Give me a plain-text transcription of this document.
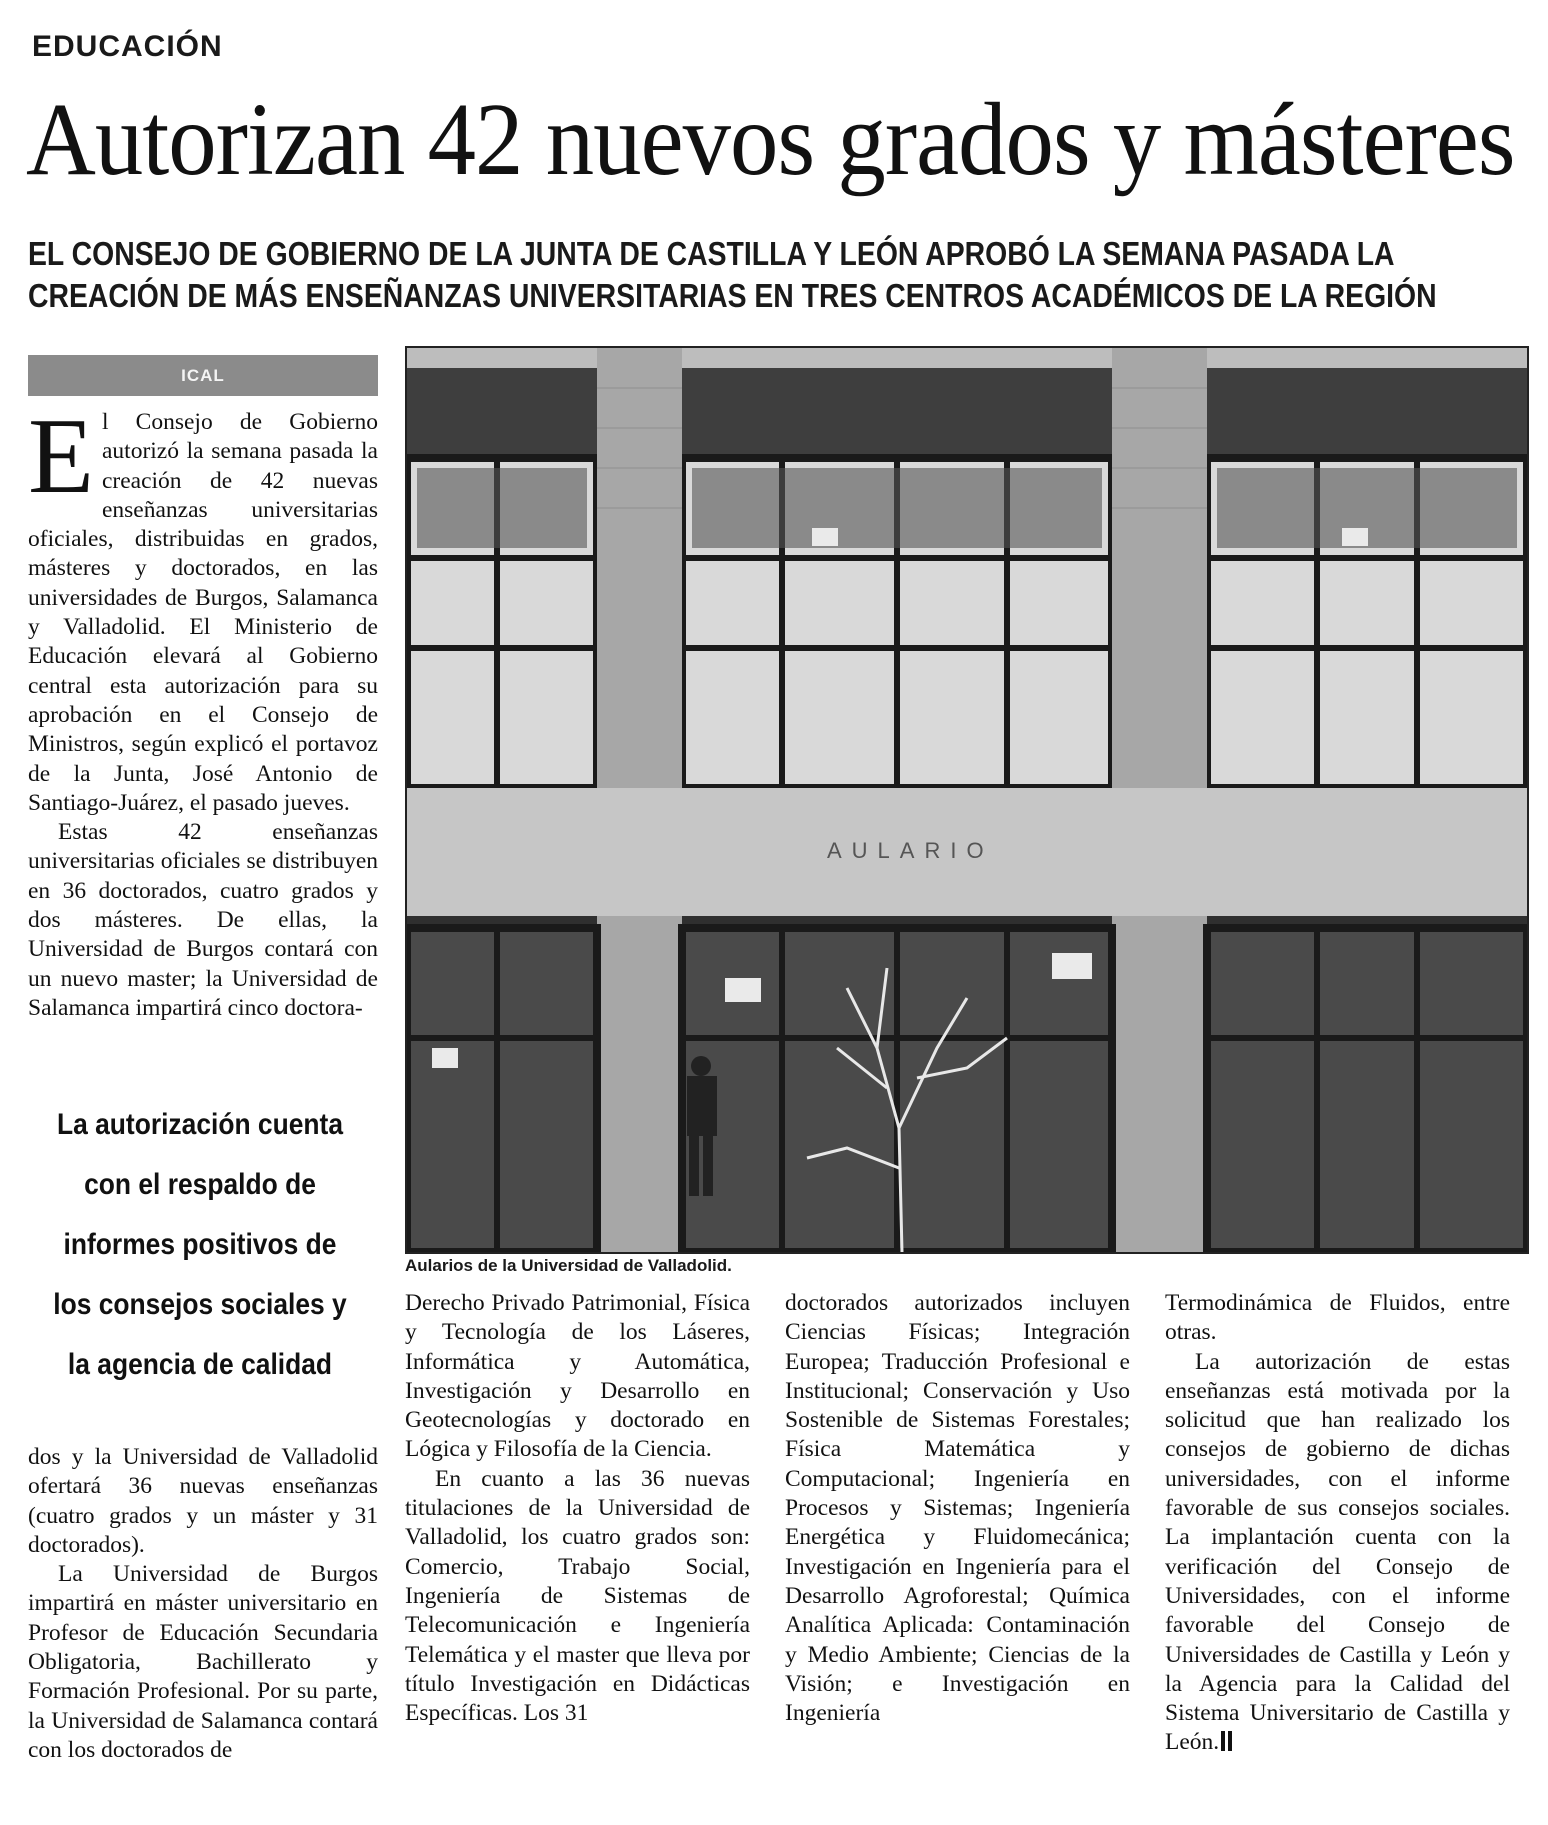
EDUCACIÓN
Autorizan 42 nuevos grados y másteres
EL CONSEJO DE GOBIERNO DE LA JUNTA DE CASTILLA Y LEÓN APROBÓ LA SEMANA PASADA LA
CREACIÓN DE MÁS ENSEÑANZAS UNIVERSITARIAS EN TRES CENTROS ACADÉMICOS DE LA REGIÓN
ICAL

El Consejo de Gobierno autorizó la semana pasada la creación de 42 nuevas enseñanzas universitarias oficiales, distribuidas en grados, másteres y doctorados, en las universidades de Burgos, Salamanca y Valladolid. El Ministerio de Educación elevará al Gobierno central esta autorización para su aprobación en el Consejo de Ministros, según explicó el portavoz de la Junta, José Antonio de Santiago-Juárez, el pasado jueves.

Estas 42 enseñanzas universitarias oficiales se distribuyen en 36 doctorados, cuatro grados y dos másteres. De ellas, la Universidad de Burgos contará con un nuevo master; la Universidad de Salamanca impartirá cinco doctora-

La autorización cuenta con el respaldo de informes positivos de los consejos sociales y la agencia de calidad

dos y la Universidad de Valladolid ofertará 36 nuevas enseñanzas (cuatro grados y un máster y 31 doctorados).

La Universidad de Burgos impartirá en máster universitario en Profesor de Educación Secundaria Obligatoria, Bachillerato y Formación Profesional. Por su parte, la Universidad de Salamanca contará con los doctorados de

AULARIO
Aularios de la Universidad de Valladolid.

Derecho Privado Patrimonial, Física y Tecnología de los Láseres, Informática y Automática, Investigación y Desarrollo en Geotecnologías y doctorado en Lógica y Filosofía de la Ciencia.

En cuanto a las 36 nuevas titulaciones de la Universidad de Valladolid, los cuatro grados son: Comercio, Trabajo Social, Ingeniería de Sistemas de Telecomunicación e Ingeniería Telemática y el master que lleva por título Investigación en Didácticas Específicas. Los 31

doctorados autorizados incluyen Ciencias Físicas; Integración Europea; Traducción Profesional e Institucional; Conservación y Uso Sostenible de Sistemas Forestales; Física Matemática y Computacional; Ingeniería en Procesos y Sistemas; Ingeniería Energética y Fluidomecánica; Investigación en Ingeniería para el Desarrollo Agroforestal; Química Analítica Aplicada: Contaminación y Medio Ambiente; Ciencias de la Visión; e Investigación en Ingeniería

Termodinámica de Fluidos, entre otras.

La autorización de estas enseñanzas está motivada por la solicitud que han realizado los consejos de gobierno de dichas universidades, con el informe favorable de sus consejos sociales. La implantación cuenta con la verificación del Consejo de Universidades, con el informe favorable del Consejo de Universidades de Castilla y León y la Agencia para la Calidad del Sistema Universitario de Castilla y León.
